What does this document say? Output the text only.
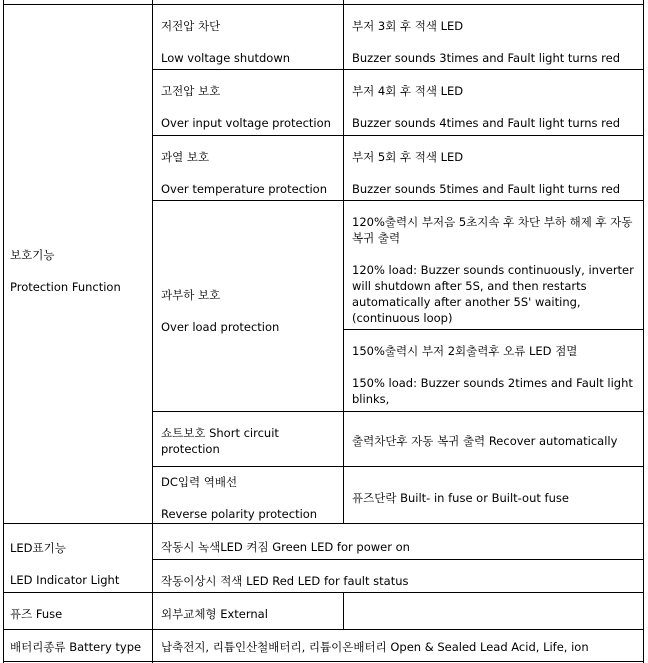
보호기능
Protection Function
저전압 차단
Low voltage shutdown
부저 3회 후 적색 LED
Buzzer sounds 3times and Fault light turns red
고전압 보호
Over input voltage protection
부저 4회 후 적색 LED
Buzzer sounds 4times and Fault light turns red
과열 보호
Over temperature protection
부저 5회 후 적색 LED
Buzzer sounds 5times and Fault light turns red
과부하 보호
Over load protection
120%출력시 부저음 5초지속 후 차단 부하 해제 후 자동 복귀 출력
120% load: Buzzer sounds continuously, inverter will shutdown after 5S, and then restarts automatically after another 5S' waiting, (continuous loop)
150%출력시 부저 2회출력후 오류 LED 점멸
150% load: Buzzer sounds 2times and Fault light blinks,
쇼트보호 Short circuit protection
출력차단후 자동 복귀 출력 Recover automatically
DC입력 역배선
Reverse polarity protection
퓨즈단락 Built- in fuse or Built-out fuse
LED표기능
LED Indicator Light
작동시 녹색LED 켜짐 Green LED for power on
작동이상시 적색 LED Red LED for fault status
퓨즈 Fuse	외부교체형 External
배터리종류 Battery type 납축전지, 리튬인산철배터리, 리튬이온배터리 Open & Sealed Lead Acid, Life, ion
